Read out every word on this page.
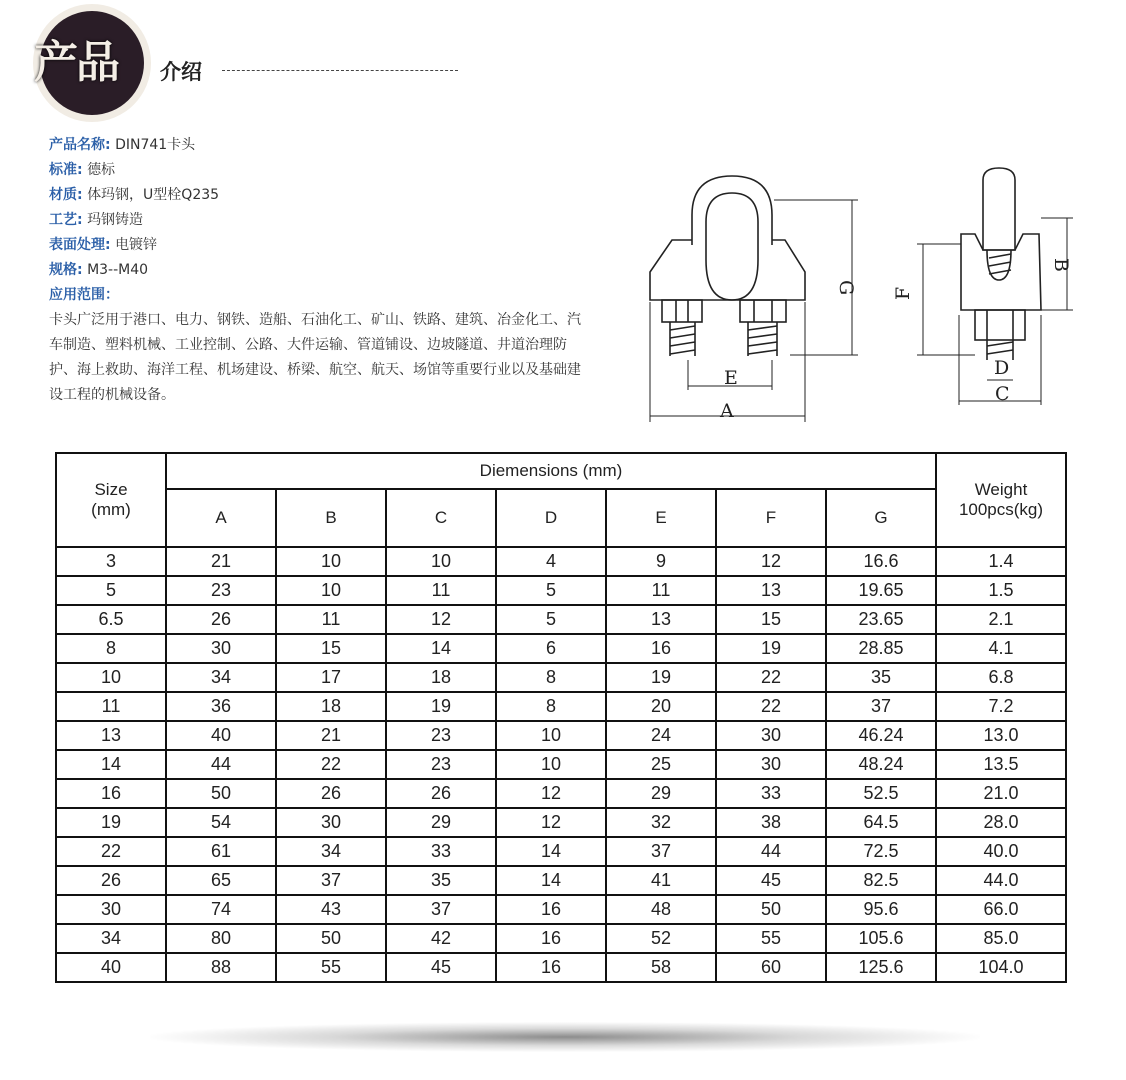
产品	介绍
产品名称: DIN741卡头
标准: 德标
材质: 体玛钢，U型栓Q235
工艺: 玛钢铸造
表面处理: 电镀锌
规格: M3--M40
应用范围：
卡头广泛用于港口、电力、钢铁、造船、石油化工、矿山、铁路、建筑、冶金化工、汽车制造、塑料机械、工业控制、公路、大件运输、管道铺设、边坡隧道、井道治理防护、海上救助、海洋工程、机场建设、桥梁、航空、航天、场馆等重要行业以及基础建设工程的机械设备。
A
E
G
C
D
F
B
Size
(mm)	Diemensions (mm)							Weight
100pcs(kg)
	A	B	C	D	E	F	G	
3	21	10	10	4	9	12	16.6	1.4
5	23	10	11	5	11	13	19.65	1.5
6.5	26	11	12	5	13	15	23.65	2.1
8	30	15	14	6	16	19	28.85	4.1
10	34	17	18	8	19	22	35	6.8
11	36	18	19	8	20	22	37	7.2
13	40	21	23	10	24	30	46.24	13.0
14	44	22	23	10	25	30	48.24	13.5
16	50	26	26	12	29	33	52.5	21.0
19	54	30	29	12	32	38	64.5	28.0
22	61	34	33	14	37	44	72.5	40.0
26	65	37	35	14	41	45	82.5	44.0
30	74	43	37	16	48	50	95.6	66.0
34	80	50	42	16	52	55	105.6	85.0
40	88	55	45	16	58	60	125.6	104.0
